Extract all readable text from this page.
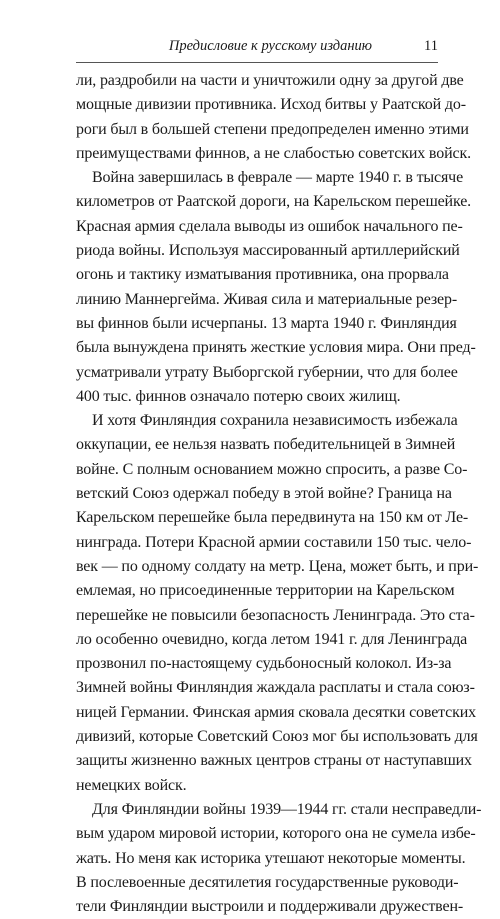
Предисловие к русскому изданию	11
ли, раздробили на части и уничтожили одну за другой две
мощные дивизии противника. Исход битвы у Раатской до-
роги был в большей степени предопределен именно этими
преимуществами финнов, а не слабостью советских войск.
Война завершилась в феврале — марте 1940 г. в тысяче
километров от Раатской дороги, на Карельском перешейке.
Красная армия сделала выводы из ошибок начального пе-
риода войны. Используя массированный артиллерийский
огонь и тактику изматывания противника, она прорвала
линию Маннергейма. Живая сила и материальные резер-
вы финнов были исчерпаны. 13 марта 1940 г. Финляндия
была вынуждена принять жесткие условия мира. Они пред-
усматривали утрату Выборгской губернии, что для более
400 тыс. финнов означало потерю своих жилищ.
И хотя Финляндия сохранила независимость избежала
оккупации, ее нельзя назвать победительницей в Зимней
войне. С полным основанием можно спросить, а разве Со-
ветский Союз одержал победу в этой войне? Граница на
Карельском перешейке была передвинута на 150 км от Ле-
нинграда. Потери Красной армии составили 150 тыс. чело-
век — по одному солдату на метр. Цена, может быть, и при-
емлемая, но присоединенные территории на Карельском
перешейке не повысили безопасность Ленинграда. Это ста-
ло особенно очевидно, когда летом 1941 г. для Ленинграда
прозвонил по-настоящему судьбоносный колокол. Из-за
Зимней войны Финляндия жаждала расплаты и стала союз-
ницей Германии. Финская армия сковала десятки советских
дивизий, которые Советский Союз мог бы использовать для
защиты жизненно важных центров страны от наступавших
немецких войск.
Для Финляндии войны 1939—1944 гг. стали несправедли-
вым ударом мировой истории, которого она не сумела избе-
жать. Но меня как историка утешают некоторые моменты.
В послевоенные десятилетия государственные руководи-
тели Финляндии выстроили и поддерживали дружествен-
